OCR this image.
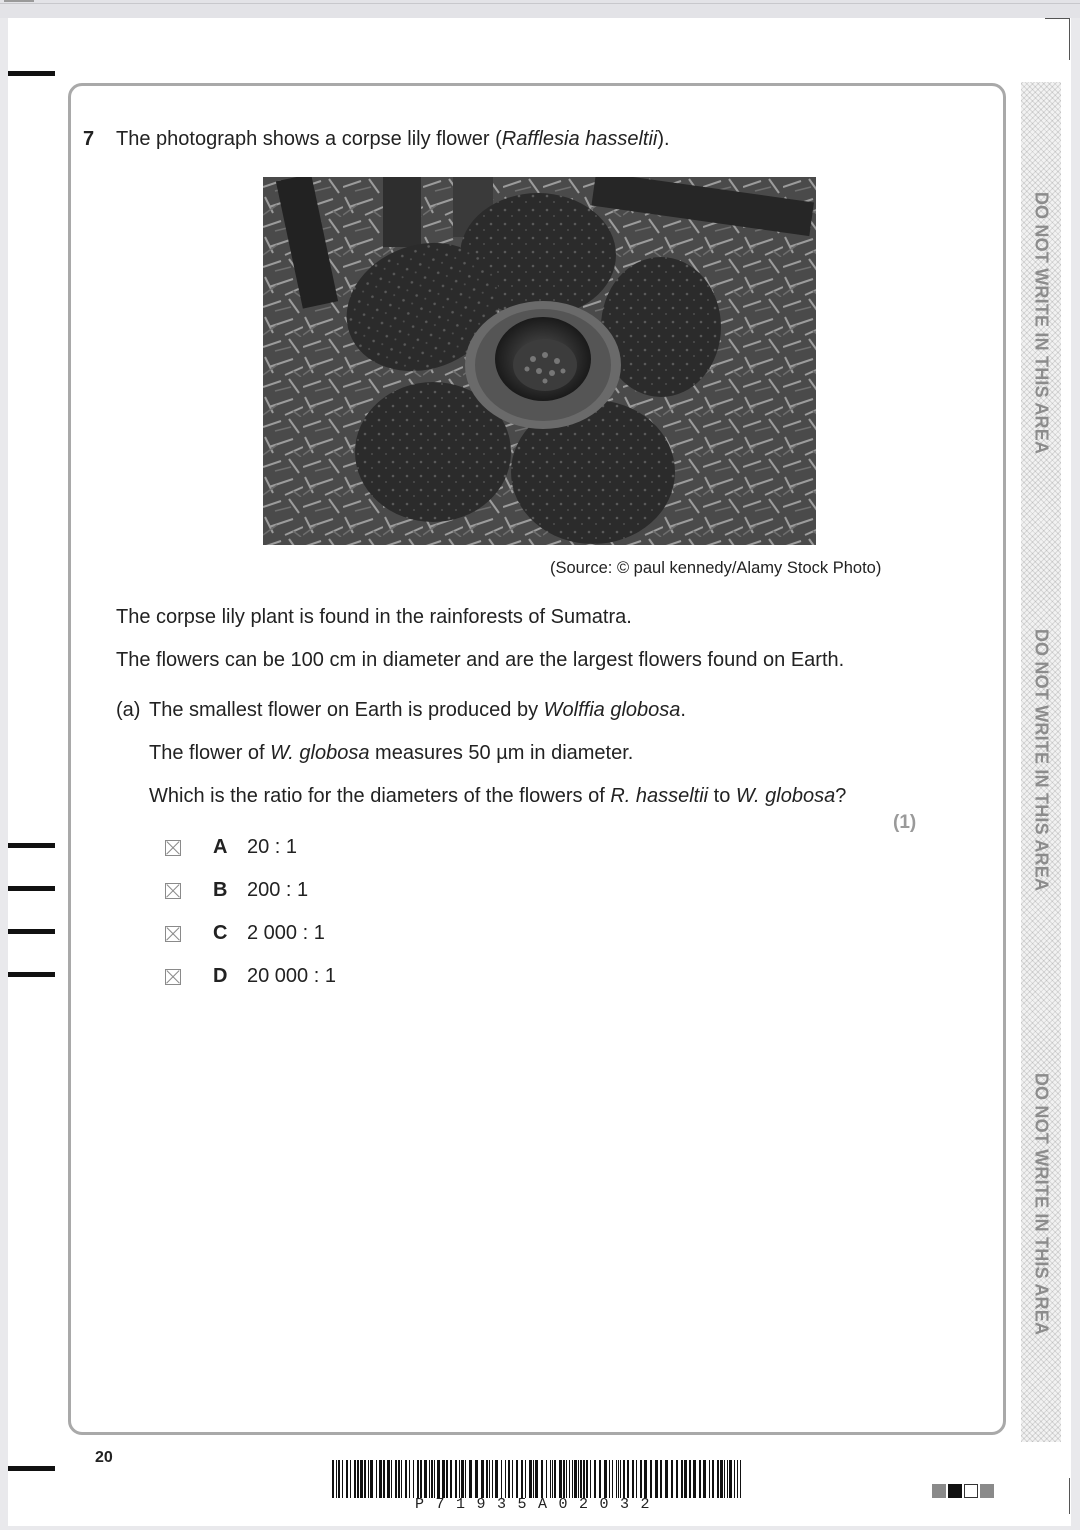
DO NOT WRITE IN THIS AREA
DO NOT WRITE IN THIS AREA
DO NOT WRITE IN THIS AREA
7 The photograph shows a corpse lily flower (Rafflesia hasseltii).
(Source: © paul kennedy/Alamy Stock Photo)
The corpse lily plant is found in the rainforests of Sumatra.
The flowers can be 100 cm in diameter and are the largest flowers found on Earth.
(a) The smallest flower on Earth is produced by Wolffia globosa.
The flower of W. globosa measures 50 µm in diameter.
Which is the ratio for the diameters of the flowers of R. hasseltii to W. globosa?
(1)
A 20 : 1
B 200 : 1
C 2 000 : 1
D 20 000 : 1
20
P71935A02032
